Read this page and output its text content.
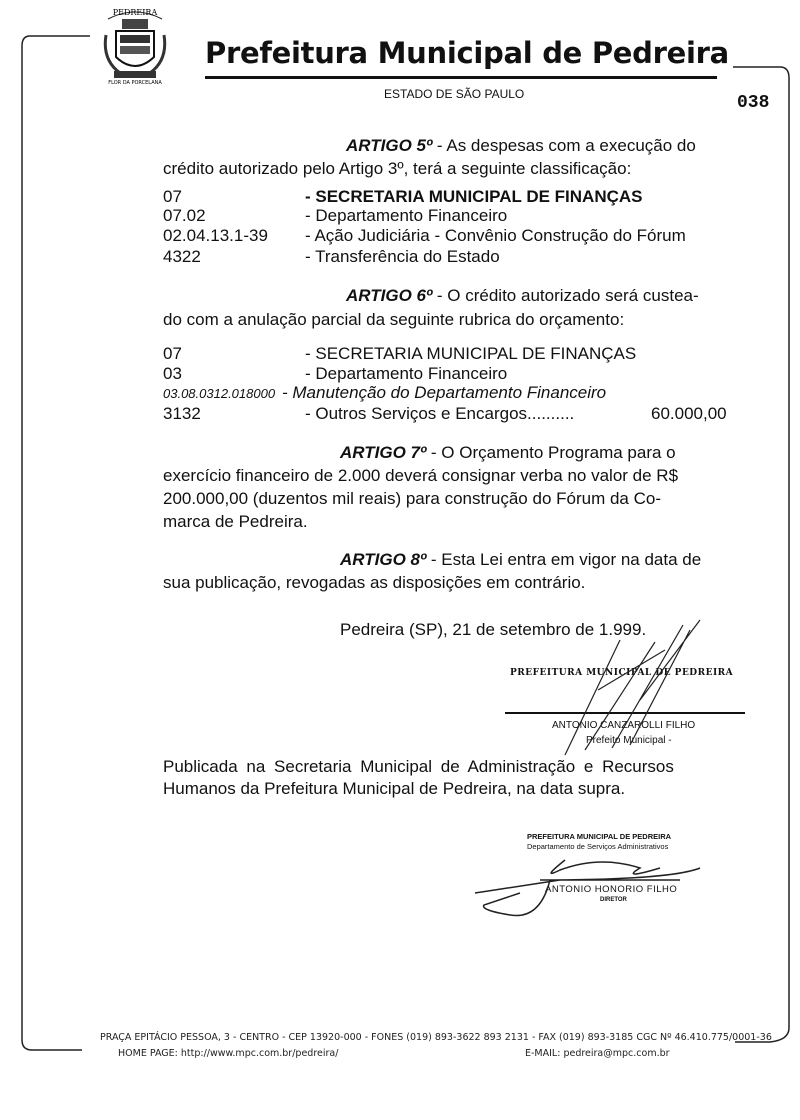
FLOR DA PORCELANA
PEDREIRA
Prefeitura Municipal de Pedreira
ESTADO DE SÃO PAULO	038
ARTIGO 5º - As despesas com a execução do
crédito autorizado pelo Artigo 3º, terá a seguinte classificação:
07	- SECRETARIA MUNICIPAL DE FINANÇAS
07.02	- Departamento Financeiro
02.04.13.1-39 - Ação Judiciária - Convênio Construção do Fórum
4322	- Transferência do Estado
ARTIGO 6º - O crédito autorizado será custea-
do com a anulação parcial da seguinte rubrica do orçamento:
07	- SECRETARIA MUNICIPAL DE FINANÇAS
03	- Departamento Financeiro
03.08.0312.018000 - Manutenção do Departamento Financeiro
3132	- Outros Serviços e Encargos..........	60.000,00
ARTIGO 7º - O Orçamento Programa para o
exercício financeiro de 2.000 deverá consignar verba no valor de R$
200.000,00 (duzentos mil reais) para construção do Fórum da Co-
marca de Pedreira.
ARTIGO 8º - Esta Lei entra em vigor na data de
sua publicação, revogadas as disposições em contrário.
Pedreira (SP), 21 de setembro de 1.999.
PREFEITURA MUNICIPAL DE PEDREIRA
ANTONIO CANZAROLLI FILHO
Prefeito Municipal -
Publicada na Secretaria Municipal de Administração e Recursos
Humanos da Prefeitura Municipal de Pedreira, na data supra.
PREFEITURA MUNICIPAL DE PEDREIRA
Departamento de Serviços Administrativos
ANTONIO HONORIO FILHO
DIRETOR
PRAÇA EPITÁCIO PESSOA, 3 - CENTRO - CEP 13920-000 - FONES (019) 893-3622 893 2131 - FAX (019) 893-3185 CGC Nº 46.410.775/0001-36
HOME PAGE: http://www.mpc.com.br/pedreira/	E-MAIL: pedreira@mpc.com.br
